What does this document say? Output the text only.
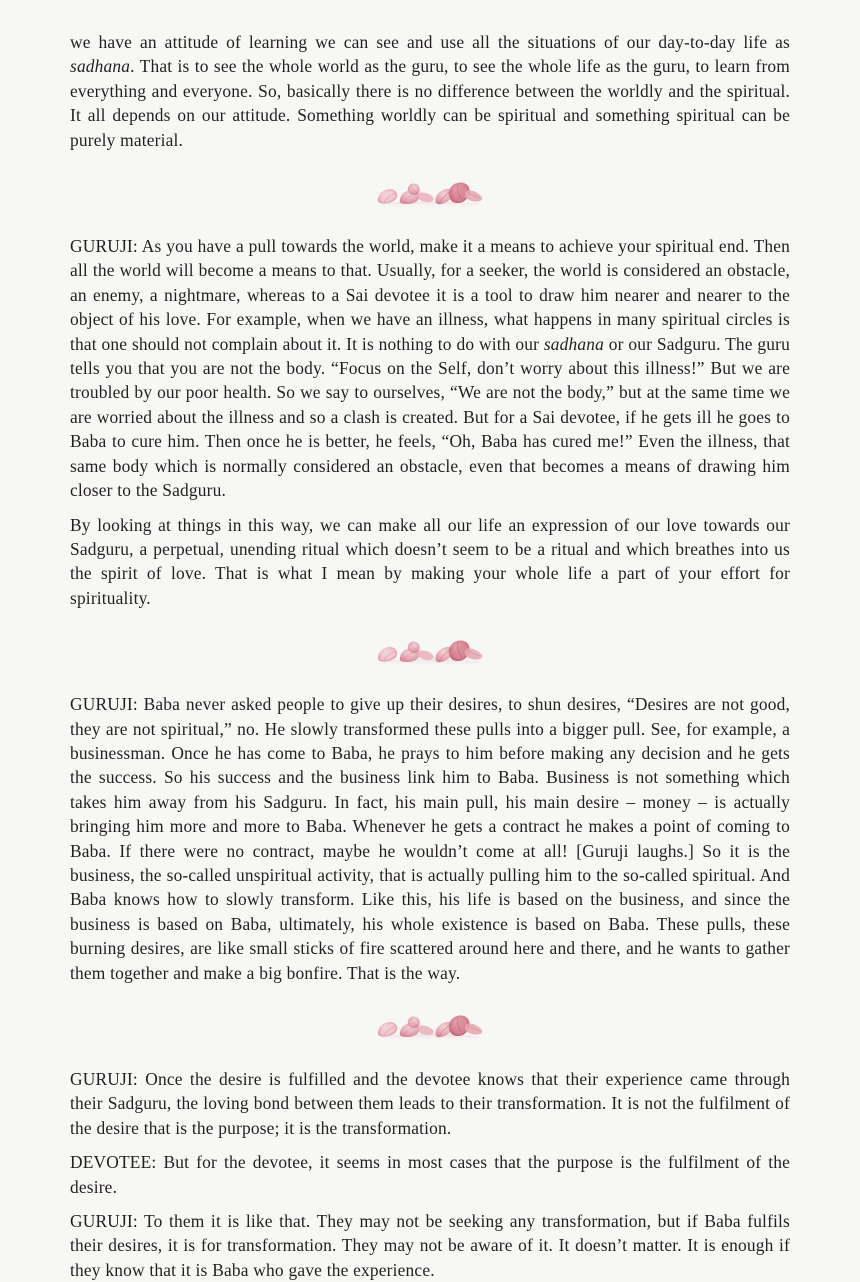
we have an attitude of learning we can see and use all the situations of our day-to-day life as sadhana. That is to see the whole world as the guru, to see the whole life as the guru, to learn from everything and everyone. So, basically there is no difference between the worldly and the spiritual. It all depends on our attitude. Something worldly can be spiritual and something spiritual can be purely material.

GURUJI: As you have a pull towards the world, make it a means to achieve your spiritual end. Then all the world will become a means to that. Usually, for a seeker, the world is considered an obstacle, an enemy, a nightmare, whereas to a Sai devotee it is a tool to draw him nearer and nearer to the object of his love. For example, when we have an illness, what happens in many spiritual circles is that one should not complain about it. It is nothing to do with our sadhana or our Sadguru. The guru tells you that you are not the body. “Focus on the Self, don’t worry about this illness!” But we are troubled by our poor health. So we say to ourselves, “We are not the body,” but at the same time we are worried about the illness and so a clash is created. But for a Sai devotee, if he gets ill he goes to Baba to cure him. Then once he is better, he feels, “Oh, Baba has cured me!” Even the illness, that same body which is normally considered an obstacle, even that becomes a means of drawing him closer to the Sadguru.

By looking at things in this way, we can make all our life an expression of our love towards our Sadguru, a perpetual, unending ritual which doesn’t seem to be a ritual and which breathes into us the spirit of love. That is what I mean by making your whole life a part of your effort for spirituality.

GURUJI: Baba never asked people to give up their desires, to shun desires, “Desires are not good, they are not spiritual,” no. He slowly transformed these pulls into a bigger pull. See, for example, a businessman. Once he has come to Baba, he prays to him before making any decision and he gets the success. So his success and the business link him to Baba. Business is not something which takes him away from his Sadguru. In fact, his main pull, his main desire – money – is actually bringing him more and more to Baba. Whenever he gets a contract he makes a point of coming to Baba. If there were no contract, maybe he wouldn’t come at all! [Guruji laughs.] So it is the business, the so-called unspiritual activity, that is actually pulling him to the so-called spiritual. And Baba knows how to slowly transform. Like this, his life is based on the business, and since the business is based on Baba, ultimately, his whole existence is based on Baba. These pulls, these burning desires, are like small sticks of fire scattered around here and there, and he wants to gather them together and make a big bonfire. That is the way.

GURUJI: Once the desire is fulfilled and the devotee knows that their experience came through their Sadguru, the loving bond between them leads to their transformation. It is not the fulfilment of the desire that is the purpose; it is the transformation.

DEVOTEE: But for the devotee, it seems in most cases that the purpose is the fulfilment of the desire.

GURUJI: To them it is like that. They may not be seeking any transformation, but if Baba fulfils their desires, it is for transformation. They may not be aware of it. It doesn’t matter. It is enough if they know that it is Baba who gave the experience.
